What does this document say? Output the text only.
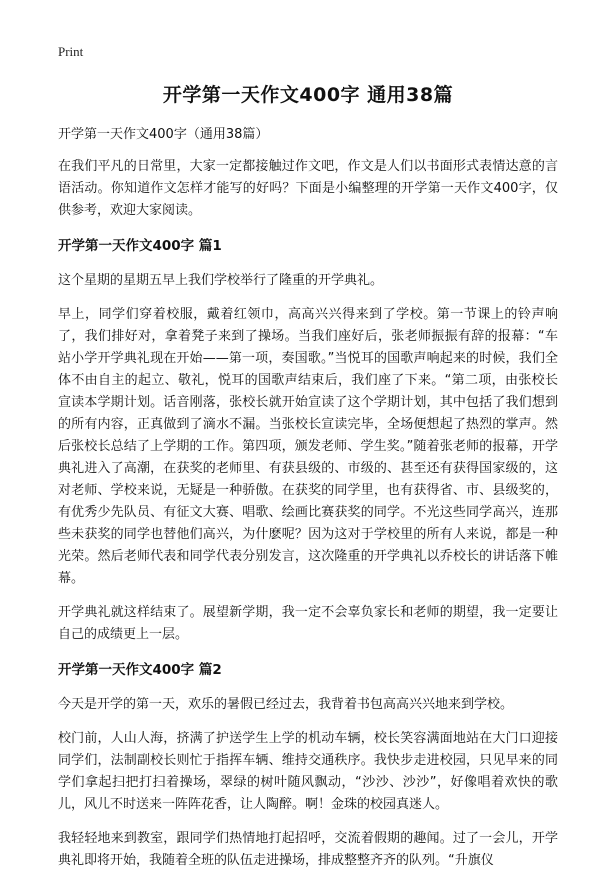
Print
开学第一天作文400字 通用38篇
开学第一天作文400字（通用38篇）

在我们平凡的日常里，大家一定都接触过作文吧，作文是人们以书面形式表情达意的言语活动。你知道作文怎样才能写的好吗？下面是小编整理的开学第一天作文400字，仅供参考，欢迎大家阅读。

开学第一天作文400字 篇1

这个星期的星期五早上我们学校举行了隆重的开学典礼。

早上，同学们穿着校服，戴着红领巾，高高兴兴得来到了学校。第一节课上的铃声响了，我们排好对，拿着凳子来到了操场。当我们座好后，张老师振振有辞的报幕：“车站小学开学典礼现在开始——第一项，奏国歌。”当悦耳的国歌声响起来的时候，我们全体不由自主的起立、敬礼，悦耳的国歌声结束后，我们座了下来。“第二项，由张校长宣读本学期计划。话音刚落，张校长就开始宣读了这个学期计划，其中包括了我们想到的所有内容，正真做到了滴水不漏。当张校长宣读完毕，全场便想起了热烈的掌声。然后张校长总结了上学期的工作。第四项，颁发老师、学生奖。”随着张老师的报幕，开学典礼进入了高潮，在获奖的老师里、有获县级的、市级的、甚至还有获得国家级的，这对老师、学校来说，无疑是一种骄傲。在获奖的同学里，也有获得省、市、县级奖的，有优秀少先队员、有征文大赛、唱歌、绘画比赛获奖的同学。不光这些同学高兴，连那些未获奖的同学也替他们高兴，为什麽呢？因为这对于学校里的所有人来说，都是一种光荣。然后老师代表和同学代表分别发言，这次隆重的开学典礼以乔校长的讲话落下帷幕。

开学典礼就这样结束了。展望新学期，我一定不会辜负家长和老师的期望，我一定要让自己的成绩更上一层。

开学第一天作文400字 篇2

今天是开学的第一天，欢乐的暑假已经过去，我背着书包高高兴兴地来到学校。

校门前，人山人海，挤满了护送学生上学的机动车辆，校长笑容满面地站在大门口迎接同学们，法制副校长则忙于指挥车辆、维持交通秩序。我快步走进校园，只见早来的同学们拿起扫把打扫着操场，翠绿的树叶随风飘动，“沙沙、沙沙”，好像唱着欢快的歌儿，风儿不时送来一阵阵花香，让人陶醉。啊！金珠的校园真迷人。

我轻轻地来到教室，跟同学们热情地打起招呼，交流着假期的趣闻。过了一会儿，开学典礼即将开始，我随着全班的队伍走进操场，排成整整齐齐的队列。“升旗仪
